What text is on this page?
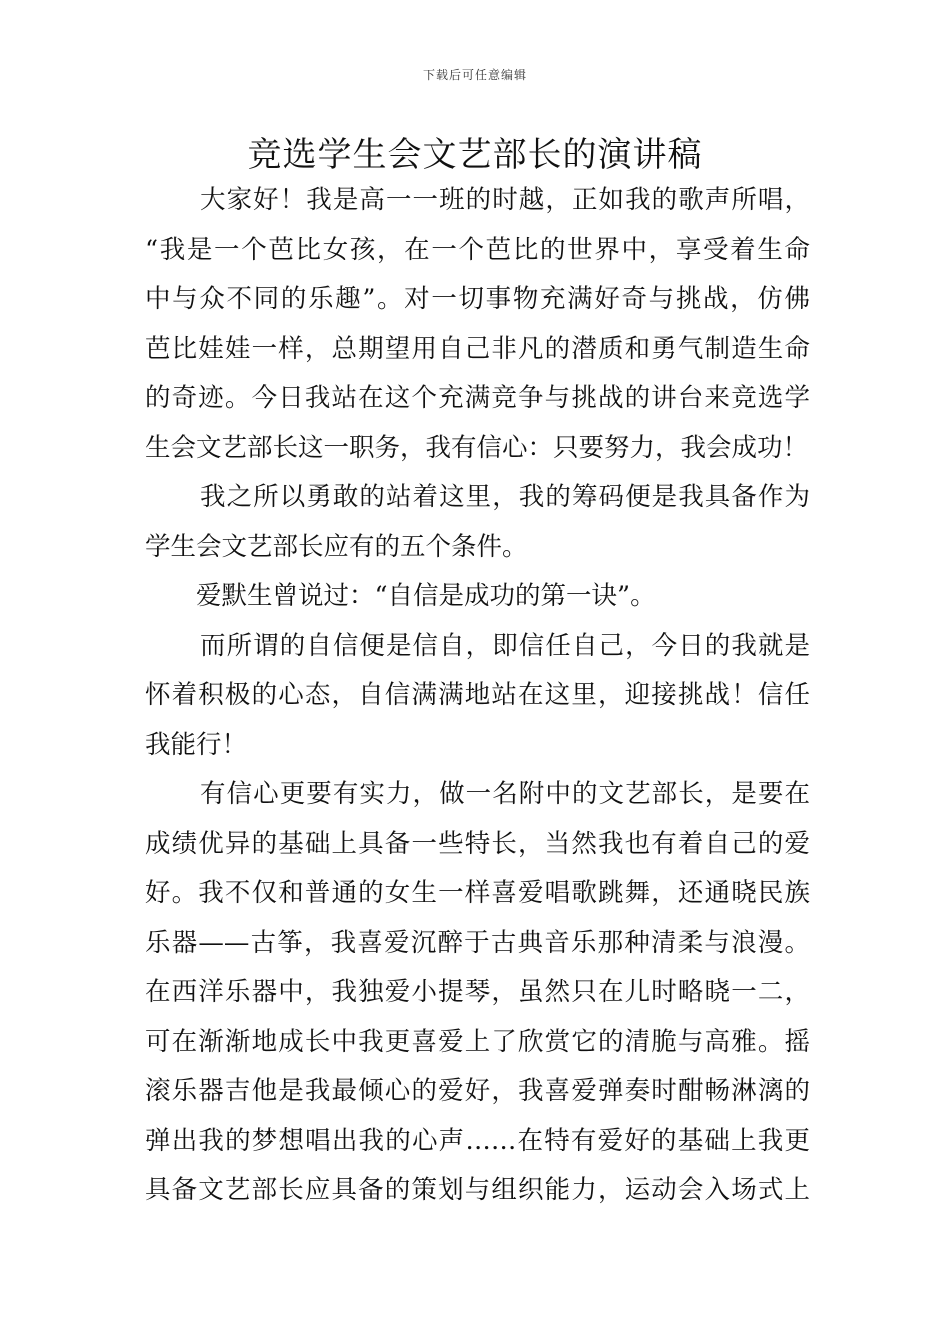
下载后可任意编辑
竞选学生会文艺部长的演讲稿

大家好！我是高一一班的时越，正如我的歌声所唱，
“我是一个芭比女孩，在一个芭比的世界中，享受着生命
中与众不同的乐趣”。对一切事物充满好奇与挑战，仿佛
芭比娃娃一样，总期望用自己非凡的潜质和勇气制造生命
的奇迹。今日我站在这个充满竞争与挑战的讲台来竞选学
生会文艺部长这一职务，我有信心：只要努力，我会成功！

我之所以勇敢的站着这里，我的筹码便是我具备作为
学生会文艺部长应有的五个条件。

爱默生曾说过：“自信是成功的第一诀”。

而所谓的自信便是信自，即信任自己，今日的我就是
怀着积极的心态，自信满满地站在这里，迎接挑战！信任
我能行！

有信心更要有实力，做一名附中的文艺部长，是要在
成绩优异的基础上具备一些特长，当然我也有着自己的爱
好。我不仅和普通的女生一样喜爱唱歌跳舞，还通晓民族
乐器——古筝，我喜爱沉醉于古典音乐那种清柔与浪漫。
在西洋乐器中，我独爱小提琴，虽然只在儿时略晓一二，
可在渐渐地成长中我更喜爱上了欣赏它的清脆与高雅。摇
滚乐器吉他是我最倾心的爱好，我喜爱弹奏时酣畅淋漓的
弹出我的梦想唱出我的心声……在特有爱好的基础上我更
具备文艺部长应具备的策划与组织能力，运动会入场式上
